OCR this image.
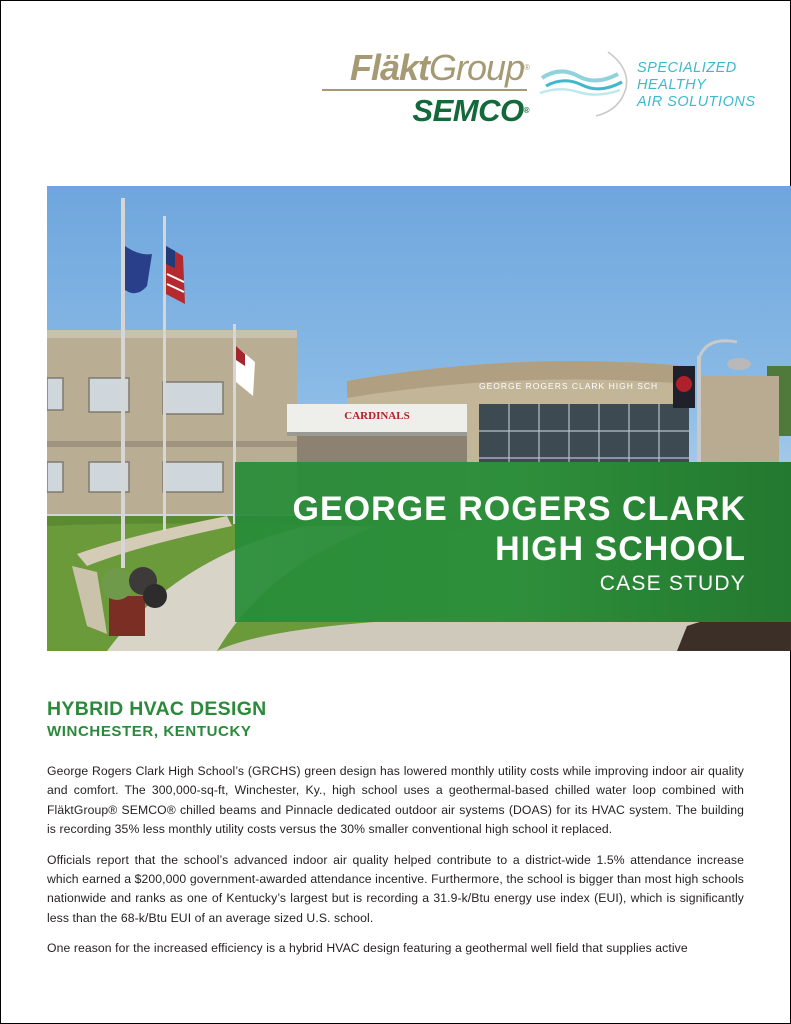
FläktGroup®
SEMCO®
SPECIALIZED
HEALTHY
AIR SOLUTIONS
GEORGE ROGERS CLARK HIGH SCH
CARDINALS
GEORGE ROGERS CLARK
HIGH SCHOOL
CASE STUDY
HYBRID HVAC DESIGN
WINCHESTER, KENTUCKY

George Rogers Clark High School’s (GRCHS) green design has lowered monthly utility costs while improving indoor air quality and comfort. The 300,000-sq-ft, Winchester, Ky., high school uses a geothermal-based chilled water loop combined with FläktGroup® SEMCO® chilled beams and Pinnacle dedicated outdoor air systems (DOAS) for its HVAC system. The building is recording 35% less monthly utility costs versus the 30% smaller conventional high school it replaced.

Officials report that the school’s advanced indoor air quality helped contribute to a district-wide 1.5% attendance increase which earned a $200,000 government-awarded attendance incentive. Furthermore, the school is bigger than most high schools nationwide and ranks as one of Kentucky’s largest but is recording a 31.9-k/Btu energy use index (EUI), which is significantly less than the 68-k/Btu EUI of an average sized U.S. school.

One reason for the increased efficiency is a hybrid HVAC design featuring a geothermal well field that supplies active
